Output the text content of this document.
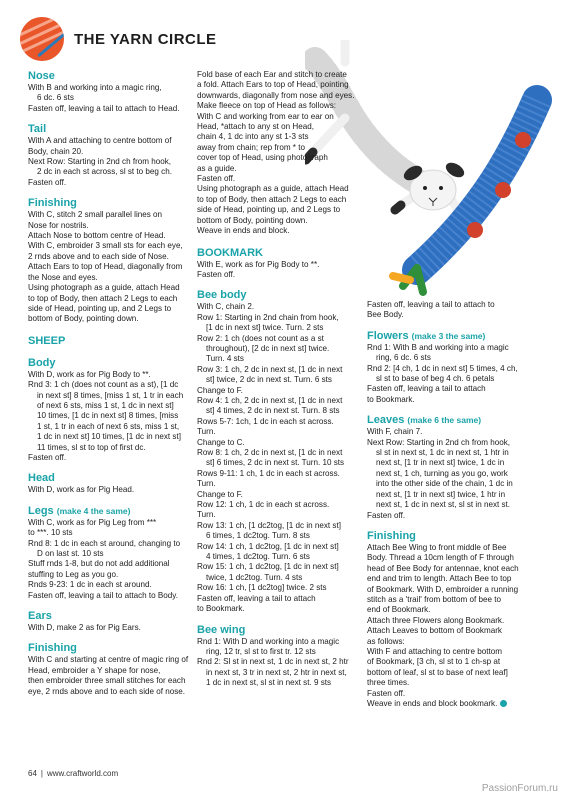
THE YARN CIRCLE
Nose

With B and working into a magic ring,

6 dc. 6 sts

Fasten off, leaving a tail to attach to Head.

Tail

With A and attaching to centre bottom of

Body, chain 20.

Next Row: Starting in 2nd ch from hook,

2 dc in each st across, sl st to beg ch.

Fasten off.

Finishing

With C, stitch 2 small parallel lines on

Nose for nostrils.

Attach Nose to bottom centre of Head.

With C, embroider 3 small sts for each eye,

2 rnds above and to each side of Nose.

Attach Ears to top of Head, diagonally from

the Nose and eyes.

Using photograph as a guide, attach Head

to top of Body, then attach 2 Legs to each

side of Head, pointing up, and 2 Legs to

bottom of Body, pointing down.

SHEEP
Body

With D, work as for Pig Body to **.

Rnd 3: 1 ch (does not count as a st), [1 dc

in next st] 8 times, [miss 1 st, 1 tr in each

of next 6 sts, miss 1 st, 1 dc in next st]

10 times, [1 dc in next st] 8 times, [miss

1 st, 1 tr in each of next 6 sts, miss 1 st,

1 dc in next st] 10 times, [1 dc in next st]

11 times, sl st to top of first dc.

Fasten off.

Head

With D, work as for Pig Head.

Legs (make 4 the same)

With C, work as for Pig Leg from ***

to ***. 10 sts

Rnd 8: 1 dc in each st around, changing to

D on last st. 10 sts

Stuff rnds 1-8, but do not add additional

stuffing to Leg as you go.

Rnds 9-23: 1 dc in each st around.

Fasten off, leaving a tail to attach to Body.

Ears

With D, make 2 as for Pig Ears.

Finishing

With C and starting at centre of magic ring of

Head, embroider a Y shape for nose,

then embroider three small stitches for each

eye, 2 rnds above and to each side of nose.

Fold base of each Ear and stitch to create

a fold. Attach Ears to top of Head, pointing

downwards, diagonally from nose and eyes.

Make fleece on top of Head as follows:

With C and working from ear to ear on

Head, *attach to any st on Head,

chain 4, 1 dc into any st 1-3 sts

away from chain; rep from * to

cover top of Head, using photograph

as a guide.

Fasten off.

Using photograph as a guide, attach Head

to top of Body, then attach 2 Legs to each

side of Head, pointing up, and 2 Legs to

bottom of Body, pointing down.

Weave in ends and block.

BOOKMARK

With E, work as for Pig Body to **.

Fasten off.

Bee body

With C, chain 2.

Row 1: Starting in 2nd chain from hook,

[1 dc in next st] twice. Turn. 2 sts

Row 2: 1 ch (does not count as a st

throughout), [2 dc in next st] twice.

Turn. 4 sts

Row 3: 1 ch, 2 dc in next st, [1 dc in next

st] twice, 2 dc in next st. Turn. 6 sts

Change to F.

Row 4: 1 ch, 2 dc in next st, [1 dc in next

st] 4 times, 2 dc in next st. Turn. 8 sts

Rows 5-7: 1ch, 1 dc in each st across.

Turn.

Change to C.

Row 8: 1 ch, 2 dc in next st, [1 dc in next

st] 6 times, 2 dc in next st. Turn. 10 sts

Rows 9-11: 1 ch, 1 dc in each st across.

Turn.

Change to F.

Row 12: 1 ch, 1 dc in each st across.

Turn.

Row 13: 1 ch, [1 dc2tog, [1 dc in next st]

6 times, 1 dc2tog. Turn. 8 sts

Row 14: 1 ch, 1 dc2tog, [1 dc in next st]

4 times, 1 dc2tog. Turn. 6 sts

Row 15: 1 ch, 1 dc2tog, [1 dc in next st]

twice, 1 dc2tog. Turn. 4 sts

Row 16: 1 ch, [1 dc2tog] twice. 2 sts

Fasten off, leaving a tail to attach

to Bookmark.

Bee wing

Rnd 1: With D and working into a magic

ring, 12 tr, sl st to first tr. 12 sts

Rnd 2: Sl st in next st, 1 dc in next st, 2 htr

in next st, 3 tr in next st, 2 htr in next st,

1 dc in next st, sl st in next st. 9 sts

Fasten off, leaving a tail to attach to

Bee Body.

Flowers (make 3 the same)

Rnd 1: With B and working into a magic

ring, 6 dc. 6 sts

Rnd 2: [4 ch, 1 dc in next st] 5 times, 4 ch,

sl st to base of beg 4 ch. 6 petals

Fasten off, leaving a tail to attach

to Bookmark.

Leaves (make 6 the same)

With F, chain 7.

Next Row: Starting in 2nd ch from hook,

sl st in next st, 1 dc in next st, 1 htr in

next st, [1 tr in next st] twice, 1 dc in

next st, 1 ch, turning as you go, work

into the other side of the chain, 1 dc in

next st, [1 tr in next st] twice, 1 htr in

next st, 1 dc in next st, sl st in next st.

Fasten off.

Finishing

Attach Bee Wing to front middle of Bee

Body. Thread a 10cm length of F through

head of Bee Body for antennae, knot each

end and trim to length. Attach Bee to top

of Bookmark. With D, embroider a running

stitch as a 'trail' from bottom of bee to

end of Bookmark.

Attach three Flowers along Bookmark.

Attach Leaves to bottom of Bookmark

as follows:

With F and attaching to centre bottom

of Bookmark, [3 ch, sl st to 1 ch-sp at

bottom of leaf, sl st to base of next leaf]

three times.

Fasten off.

Weave in ends and block bookmark.

64 | www.craftworld.com
PassionForum.ru
